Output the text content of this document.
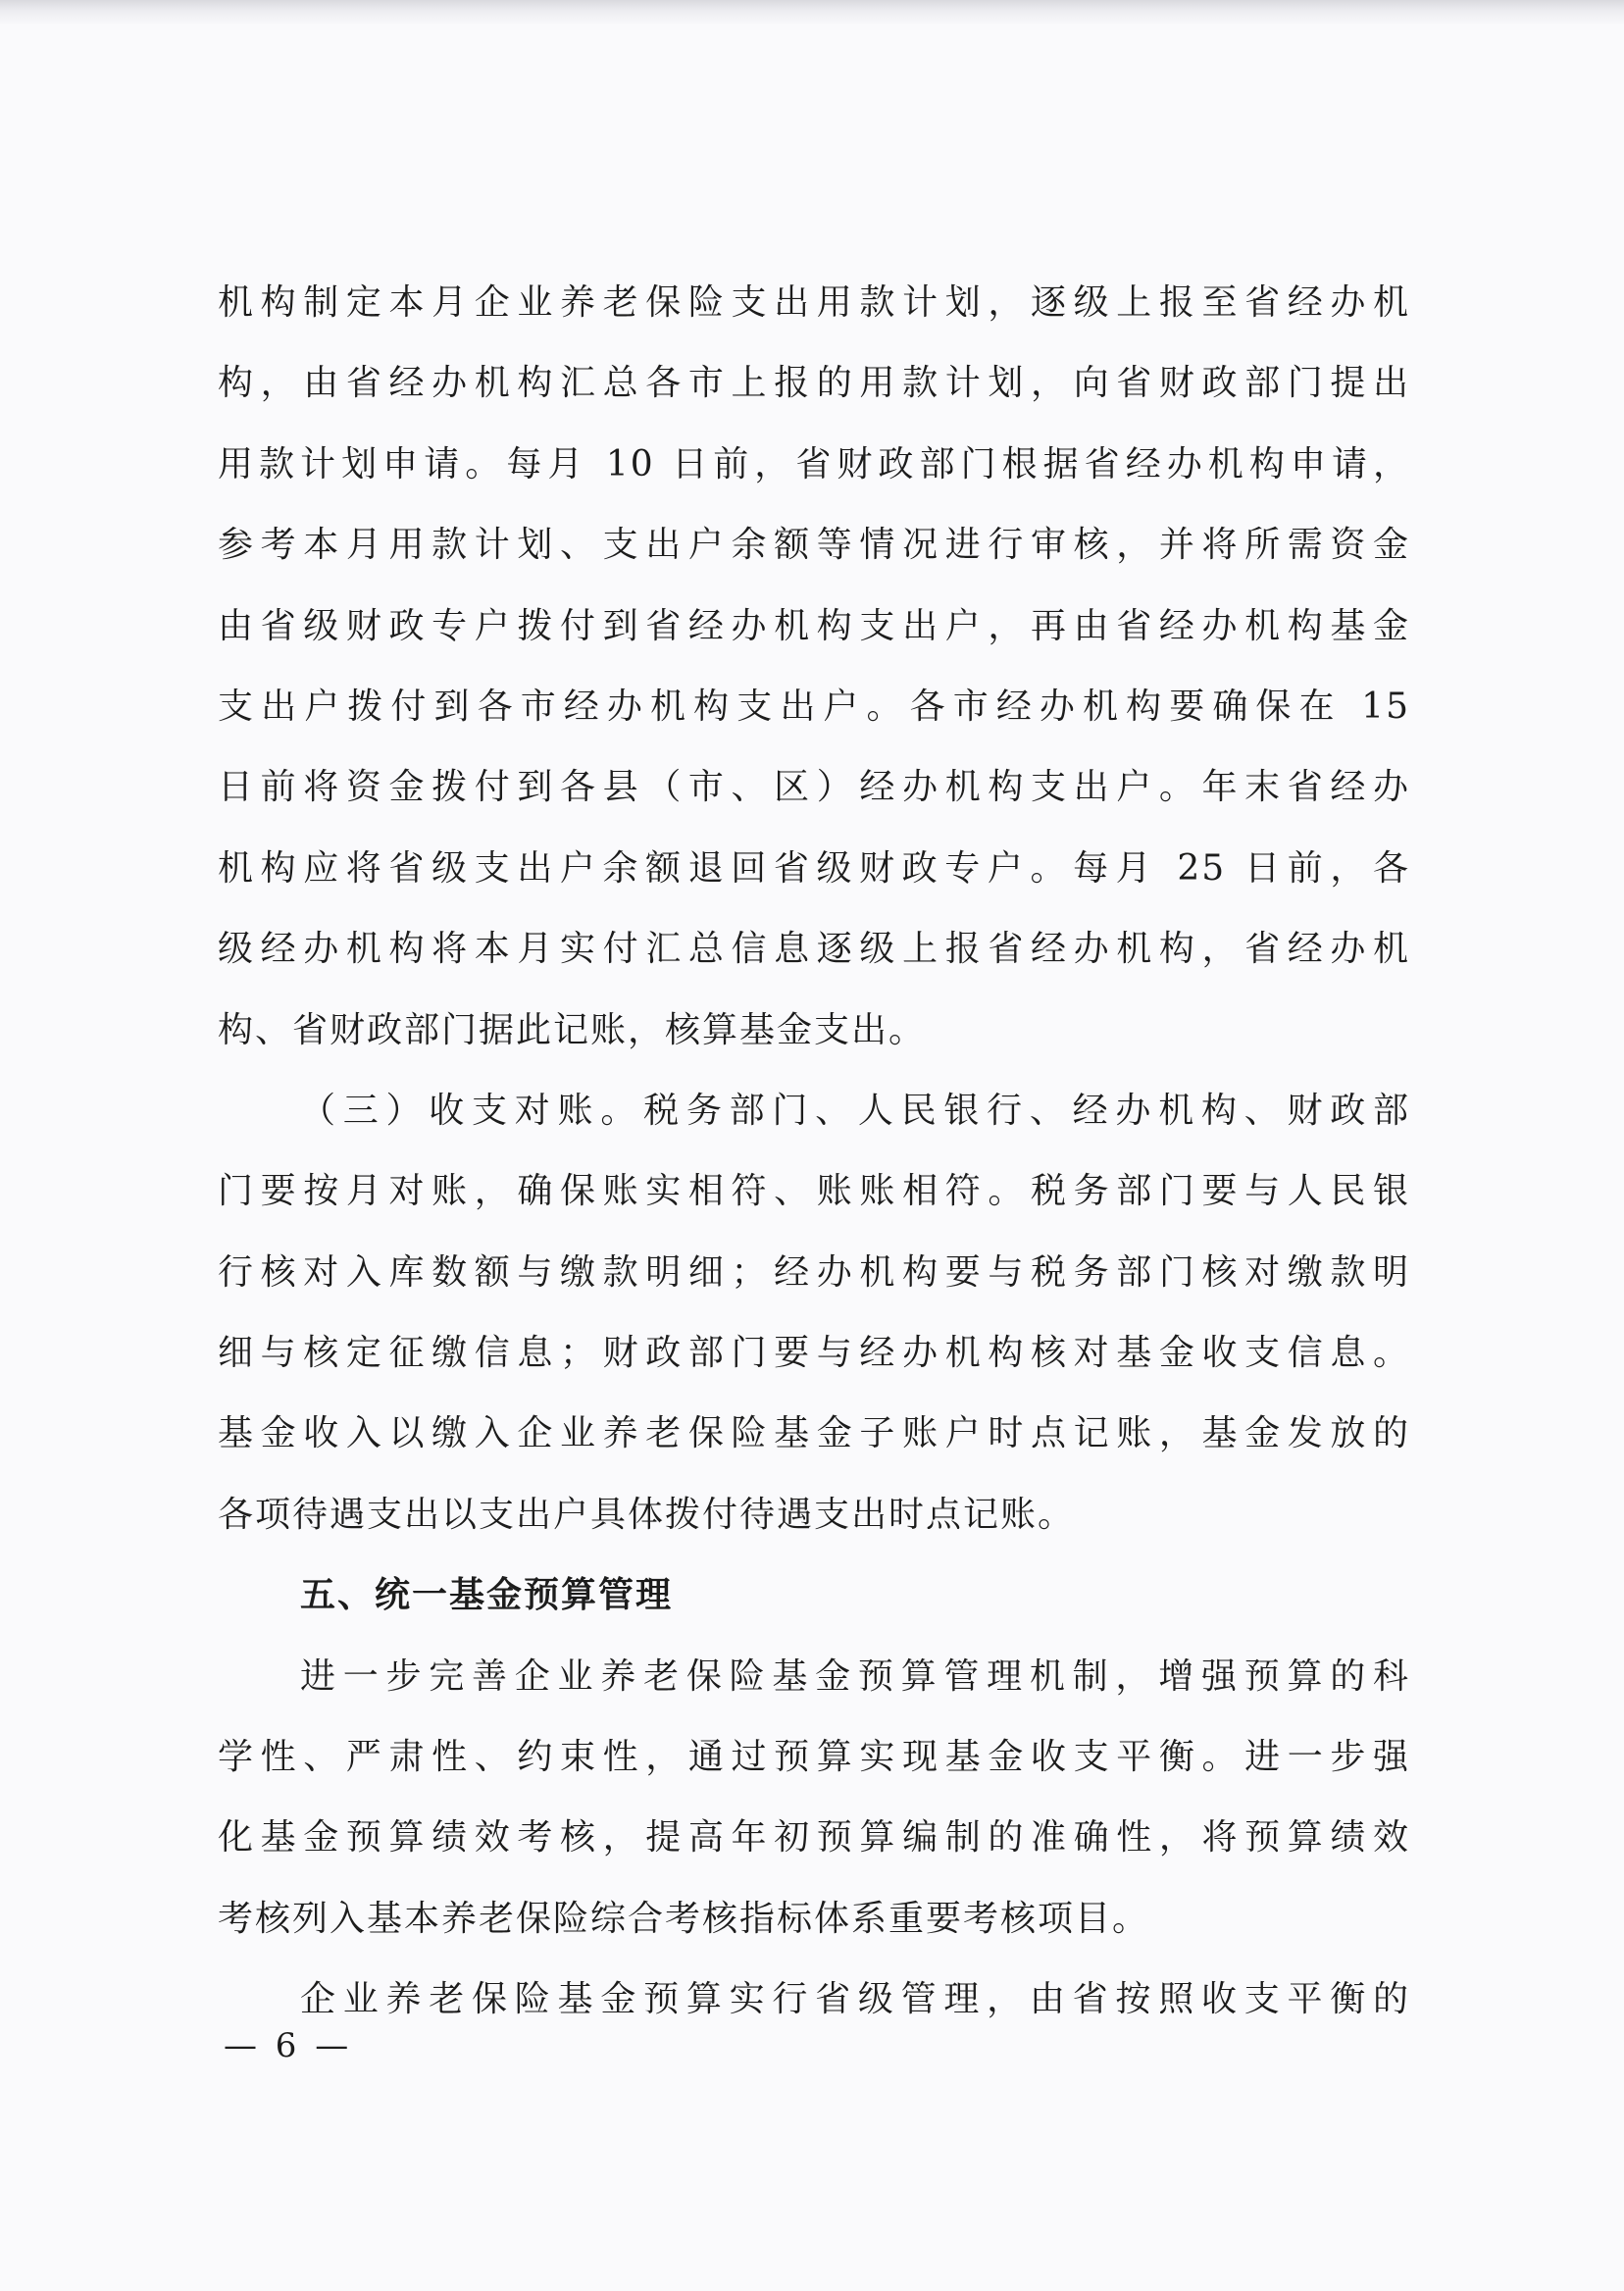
机构制定本月企业养老保险支出用款计划，逐级上报至省经办机
构，由省经办机构汇总各市上报的用款计划，向省财政部门提出
用款计划申请。每月 10 日前，省财政部门根据省经办机构申请，
参考本月用款计划、支出户余额等情况进行审核，并将所需资金
由省级财政专户拨付到省经办机构支出户，再由省经办机构基金
支出户拨付到各市经办机构支出户。各市经办机构要确保在 15
日前将资金拨付到各县（市、区）经办机构支出户。年末省经办
机构应将省级支出户余额退回省级财政专户。每月 25 日前，各
级经办机构将本月实付汇总信息逐级上报省经办机构，省经办机
构、省财政部门据此记账，核算基金支出。
（三）收支对账。税务部门、人民银行、经办机构、财政部
门要按月对账，确保账实相符、账账相符。税务部门要与人民银
行核对入库数额与缴款明细；经办机构要与税务部门核对缴款明
细与核定征缴信息；财政部门要与经办机构核对基金收支信息。
基金收入以缴入企业养老保险基金子账户时点记账，基金发放的
各项待遇支出以支出户具体拨付待遇支出时点记账。
五、统一基金预算管理
进一步完善企业养老保险基金预算管理机制，增强预算的科
学性、严肃性、约束性，通过预算实现基金收支平衡。进一步强
化基金预算绩效考核，提高年初预算编制的准确性，将预算绩效
考核列入基本养老保险综合考核指标体系重要考核项目。
企业养老保险基金预算实行省级管理，由省按照收支平衡的
— 6 —
